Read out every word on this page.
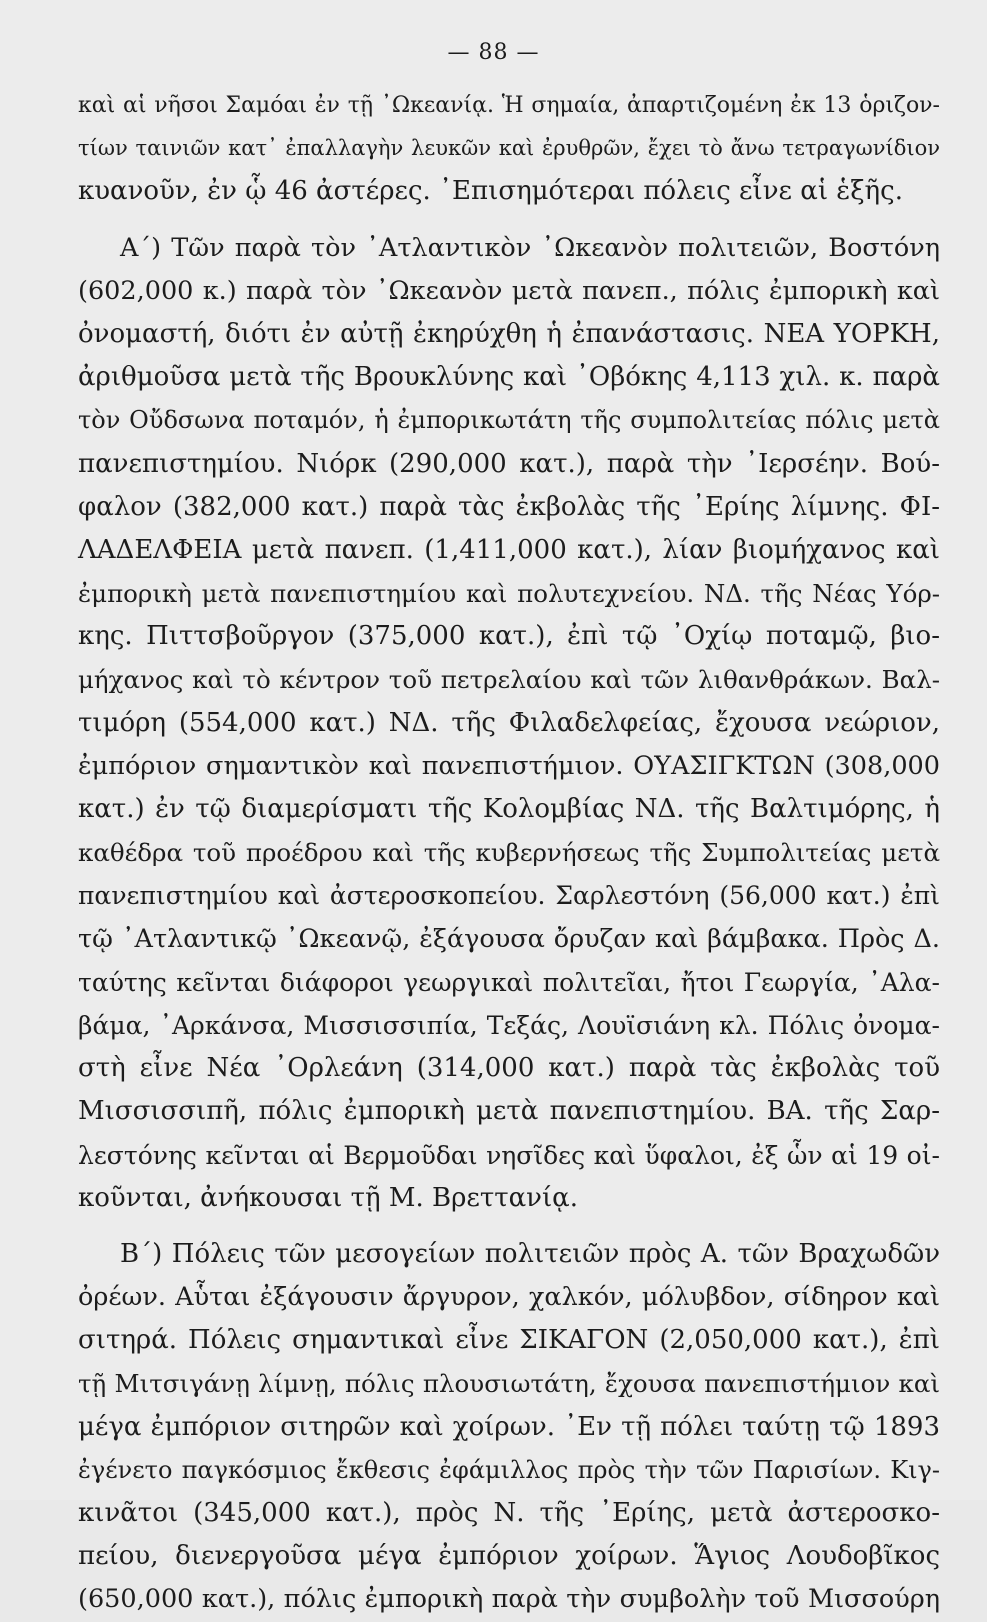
— 88 —
καὶ αἱ νῆσοι Σαμόαι ἐν τῇ ᾿Ωκεανίᾳ. Ἡ σημαία, ἀπαρτιζομένη ἐκ 13 ὁριζον-
τίων ταινιῶν κατ᾿ ἐπαλλαγὴν λευκῶν καὶ ἐρυθρῶν, ἔχει τὸ ἄνω τετραγωνίδιον
κυανοῦν, ἐν ᾧ 46 ἀστέρες. ᾿Επισημότεραι πόλεις εἶνε αἱ ἑξῆς.
Α´) Τῶν παρὰ τὸν ᾿Ατλαντικὸν ᾿Ωκεανὸν πολιτειῶν, Βοστόνη
(602,000 κ.) παρὰ τὸν ᾿Ωκεανὸν μετὰ πανεπ., πόλις ἐμπορικὴ καὶ
ὀνομαστή, διότι ἐν αὐτῇ ἐκηρύχθη ἡ ἐπανάστασις. ΝΕΑ ΥΟΡΚΗ,
ἀριθμοῦσα μετὰ τῆς Βρουκλύνης καὶ ᾿Οβόκης 4,113 χιλ. κ. παρὰ
τὸν Οὔδσωνα ποταμόν, ἡ ἐμπορικωτάτη τῆς συμπολιτείας πόλις μετὰ
πανεπιστημίου. Νιόρκ (290,000 κατ.), παρὰ τὴν ᾿Ιερσέην. Βού-
φαλον (382,000 κατ.) παρὰ τὰς ἐκβολὰς τῆς ᾿Ερίης λίμνης. ΦΙ-
ΛΑΔΕΛΦΕΙΑ μετὰ πανεπ. (1,411,000 κατ.), λίαν βιομήχανος καὶ
ἐμπορικὴ μετὰ πανεπιστημίου καὶ πολυτεχνείου. ΝΔ. τῆς Νέας Υόρ-
κης. Πιττσβοῦργον (375,000 κατ.), ἐπὶ τῷ ᾿Οχίῳ ποταμῷ, βιο-
μήχανος καὶ τὸ κέντρον τοῦ πετρελαίου καὶ τῶν λιθανθράκων. Βαλ-
τιμόρη (554,000 κατ.) ΝΔ. τῆς Φιλαδελφείας, ἔχουσα νεώριον,
ἐμπόριον σημαντικὸν καὶ πανεπιστήμιον. ΟΥΑΣΙΓΚΤΩΝ (308,000
κατ.) ἐν τῷ διαμερίσματι τῆς Κολομβίας ΝΔ. τῆς Βαλτιμόρης, ἡ
καθέδρα τοῦ προέδρου καὶ τῆς κυβερνήσεως τῆς Συμπολιτείας μετὰ
πανεπιστημίου καὶ ἀστεροσκοπείου. Σαρλεστόνη (56,000 κατ.) ἐπὶ
τῷ ᾿Ατλαντικῷ ᾿Ωκεανῷ, ἐξάγουσα ὄρυζαν καὶ βάμβακα. Πρὸς Δ.
ταύτης κεῖνται διάφοροι γεωργικαὶ πολιτεῖαι, ἤτοι Γεωργία, ᾿Αλα-
βάμα, ᾿Αρκάνσα, Μισσισσιπία, Τεξάς, Λουϊσιάνη κλ. Πόλις ὀνομα-
στὴ εἶνε Νέα ᾿Ορλεάνη (314,000 κατ.) παρὰ τὰς ἐκβολὰς τοῦ
Μισσισσιπῆ, πόλις ἐμπορικὴ μετὰ πανεπιστημίου. ΒΑ. τῆς Σαρ-
λεστόνης κεῖνται αἱ Βερμοῦδαι νησῖδες καὶ ὕφαλοι, ἐξ ὧν αἱ 19 οἰ-
κοῦνται, ἀνήκουσαι τῇ Μ. Βρεττανίᾳ.
Β´) Πόλεις τῶν μεσογείων πολιτειῶν πρὸς Α. τῶν Βραχωδῶν
ὀρέων. Αὗται ἐξάγουσιν ἄργυρον, χαλκόν, μόλυβδον, σίδηρον καὶ
σιτηρά. Πόλεις σημαντικαὶ εἶνε ΣΙΚΑΓΟΝ (2,050,000 κατ.), ἐπὶ
τῇ Μιτσιγάνῃ λίμνῃ, πόλις πλουσιωτάτη, ἔχουσα πανεπιστήμιον καὶ
μέγα ἐμπόριον σιτηρῶν καὶ χοίρων. ᾿Εν τῇ πόλει ταύτῃ τῷ 1893
ἐγένετο παγκόσμιος ἔκθεσις ἐφάμιλλος πρὸς τὴν τῶν Παρισίων. Κιγ-
κινᾶτοι (345,000 κατ.), πρὸς Ν. τῆς ᾿Ερίης, μετὰ ἀστεροσκο-
πείου, διενεργοῦσα μέγα ἐμπόριον χοίρων. Ἅγιος Λουδοβῖκος
(650,000 κατ.), πόλις ἐμπορικὴ παρὰ τὴν συμβολὴν τοῦ Μισσούρη
